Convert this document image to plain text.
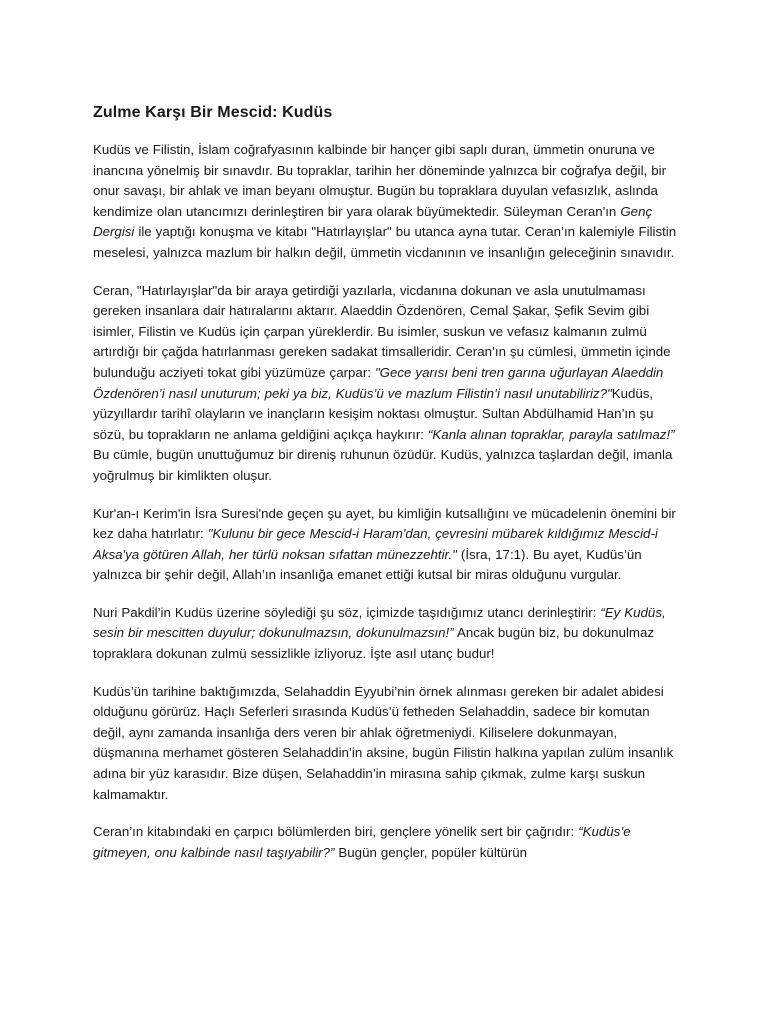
Zulme Karşı Bir Mescid: Kudüs

Kudüs ve Filistin, İslam coğrafyasının kalbinde bir hançer gibi saplı duran, ümmetin onuruna ve inancına yönelmiş bir sınavdır. Bu topraklar, tarihin her döneminde yalnızca bir coğrafya değil, bir onur savaşı, bir ahlak ve iman beyanı olmuştur. Bugün bu topraklara duyulan vefasızlık, aslında kendimize olan utancımızı derinleştiren bir yara olarak büyümektedir. Süleyman Ceran'ın Genç Dergisi ile yaptığı konuşma ve kitabı "Hatırlayışlar" bu utanca ayna tutar. Ceran’ın kalemiyle Filistin meselesi, yalnızca mazlum bir halkın değil, ümmetin vicdanının ve insanlığın geleceğinin sınavıdır.

Ceran, "Hatırlayışlar"da bir araya getirdiği yazılarla, vicdanına dokunan ve asla unutulmaması gereken insanlara dair hatıralarını aktarır. Alaeddin Özdenören, Cemal Şakar, Şefik Sevim gibi isimler, Filistin ve Kudüs için çarpan yüreklerdir. Bu isimler, suskun ve vefasız kalmanın zulmü artırdığı bir çağda hatırlanması gereken sadakat timsalleridir. Ceran’ın şu cümlesi, ümmetin içinde bulunduğu acziyeti tokat gibi yüzümüze çarpar: "Gece yarısı beni tren garına uğurlayan Alaeddin Özdenören’i nasıl unuturum; peki ya biz, Kudüs’ü ve mazlum Filistin’i nasıl unutabiliriz?"Kudüs, yüzyıllardır tarihî olayların ve inançların kesişim noktası olmuştur. Sultan Abdülhamid Han’ın şu sözü, bu toprakların ne anlama geldiğini açıkça haykırır: “Kanla alınan topraklar, parayla satılmaz!” Bu cümle, bugün unuttuğumuz bir direniş ruhunun özüdür. Kudüs, yalnızca taşlardan değil, imanla yoğrulmuş bir kimlikten oluşur.

Kur'an-ı Kerim'in İsra Suresi'nde geçen şu ayet, bu kimliğin kutsallığını ve mücadelenin önemini bir kez daha hatırlatır: "Kulunu bir gece Mescid-i Haram'dan, çevresini mübarek kıldığımız Mescid-i Aksa'ya götüren Allah, her türlü noksan sıfattan münezzehtir." (İsra, 17:1). Bu ayet, Kudüs’ün yalnızca bir şehir değil, Allah’ın insanlığa emanet ettiği kutsal bir miras olduğunu vurgular.

Nuri Pakdil’in Kudüs üzerine söylediği şu söz, içimizde taşıdığımız utancı derinleştirir: “Ey Kudüs, sesin bir mescitten duyulur; dokunulmazsın, dokunulmazsın!” Ancak bugün biz, bu dokunulmaz topraklara dokunan zulmü sessizlikle izliyoruz. İşte asıl utanç budur!

Kudüs’ün tarihine baktığımızda, Selahaddin Eyyubi’nin örnek alınması gereken bir adalet abidesi olduğunu görürüz. Haçlı Seferleri sırasında Kudüs’ü fetheden Selahaddin, sadece bir komutan değil, aynı zamanda insanlığa ders veren bir ahlak öğretmeniydi. Kiliselere dokunmayan, düşmanına merhamet gösteren Selahaddin’in aksine, bugün Filistin halkına yapılan zulüm insanlık adına bir yüz karasıdır. Bize düşen, Selahaddin’in mirasına sahip çıkmak, zulme karşı suskun kalmamaktır.

Ceran’ın kitabındaki en çarpıcı bölümlerden biri, gençlere yönelik sert bir çağrıdır: “Kudüs’e gitmeyen, onu kalbinde nasıl taşıyabilir?” Bugün gençler, popüler kültürün
